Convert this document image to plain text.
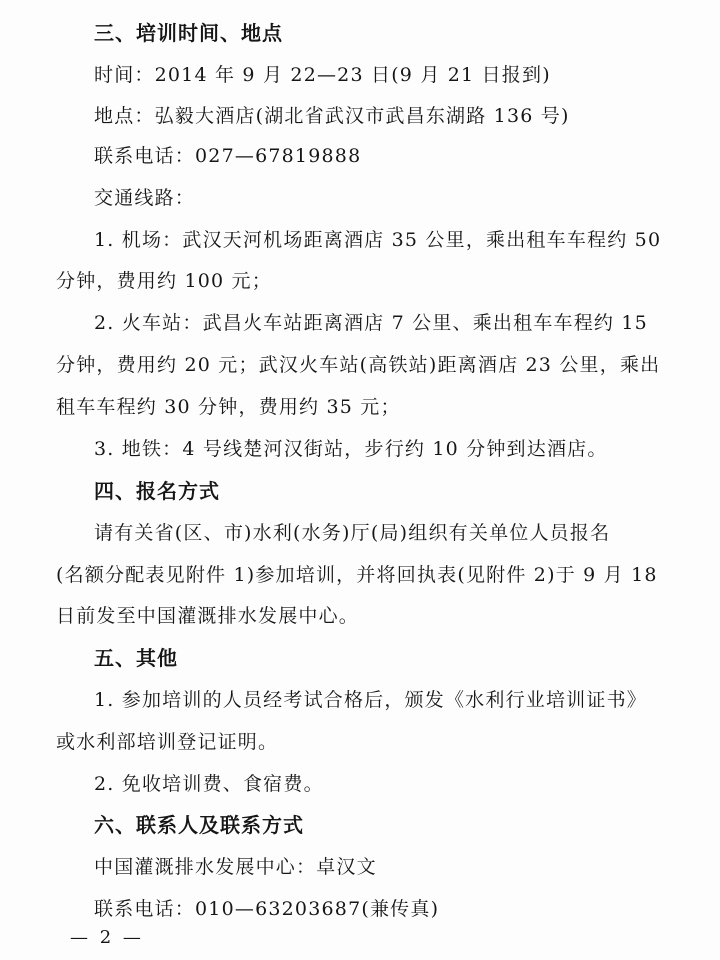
三、培训时间、地点
时间：2014 年 9 月 22—23 日(9 月 21 日报到)
地点：弘毅大酒店(湖北省武汉市武昌东湖路 136 号)
联系电话：027—67819888
交通线路：
1. 机场：武汉天河机场距离酒店 35 公里，乘出租车车程约 50
分钟，费用约 100 元；
2. 火车站：武昌火车站距离酒店 7 公里、乘出租车车程约 15
分钟，费用约 20 元；武汉火车站(高铁站)距离酒店 23 公里，乘出
租车车程约 30 分钟，费用约 35 元；
3. 地铁：4 号线楚河汉街站，步行约 10 分钟到达酒店。
四、报名方式
请有关省(区、市)水利(水务)厅(局)组织有关单位人员报名
(名额分配表见附件 1)参加培训，并将回执表(见附件 2)于 9 月 18
日前发至中国灌溉排水发展中心。
五、其他
1. 参加培训的人员经考试合格后，颁发《水利行业培训证书》
或水利部培训登记证明。
2. 免收培训费、食宿费。
六、联系人及联系方式
中国灌溉排水发展中心：卓汉文
联系电话：010—63203687(兼传真)
— 2 —
